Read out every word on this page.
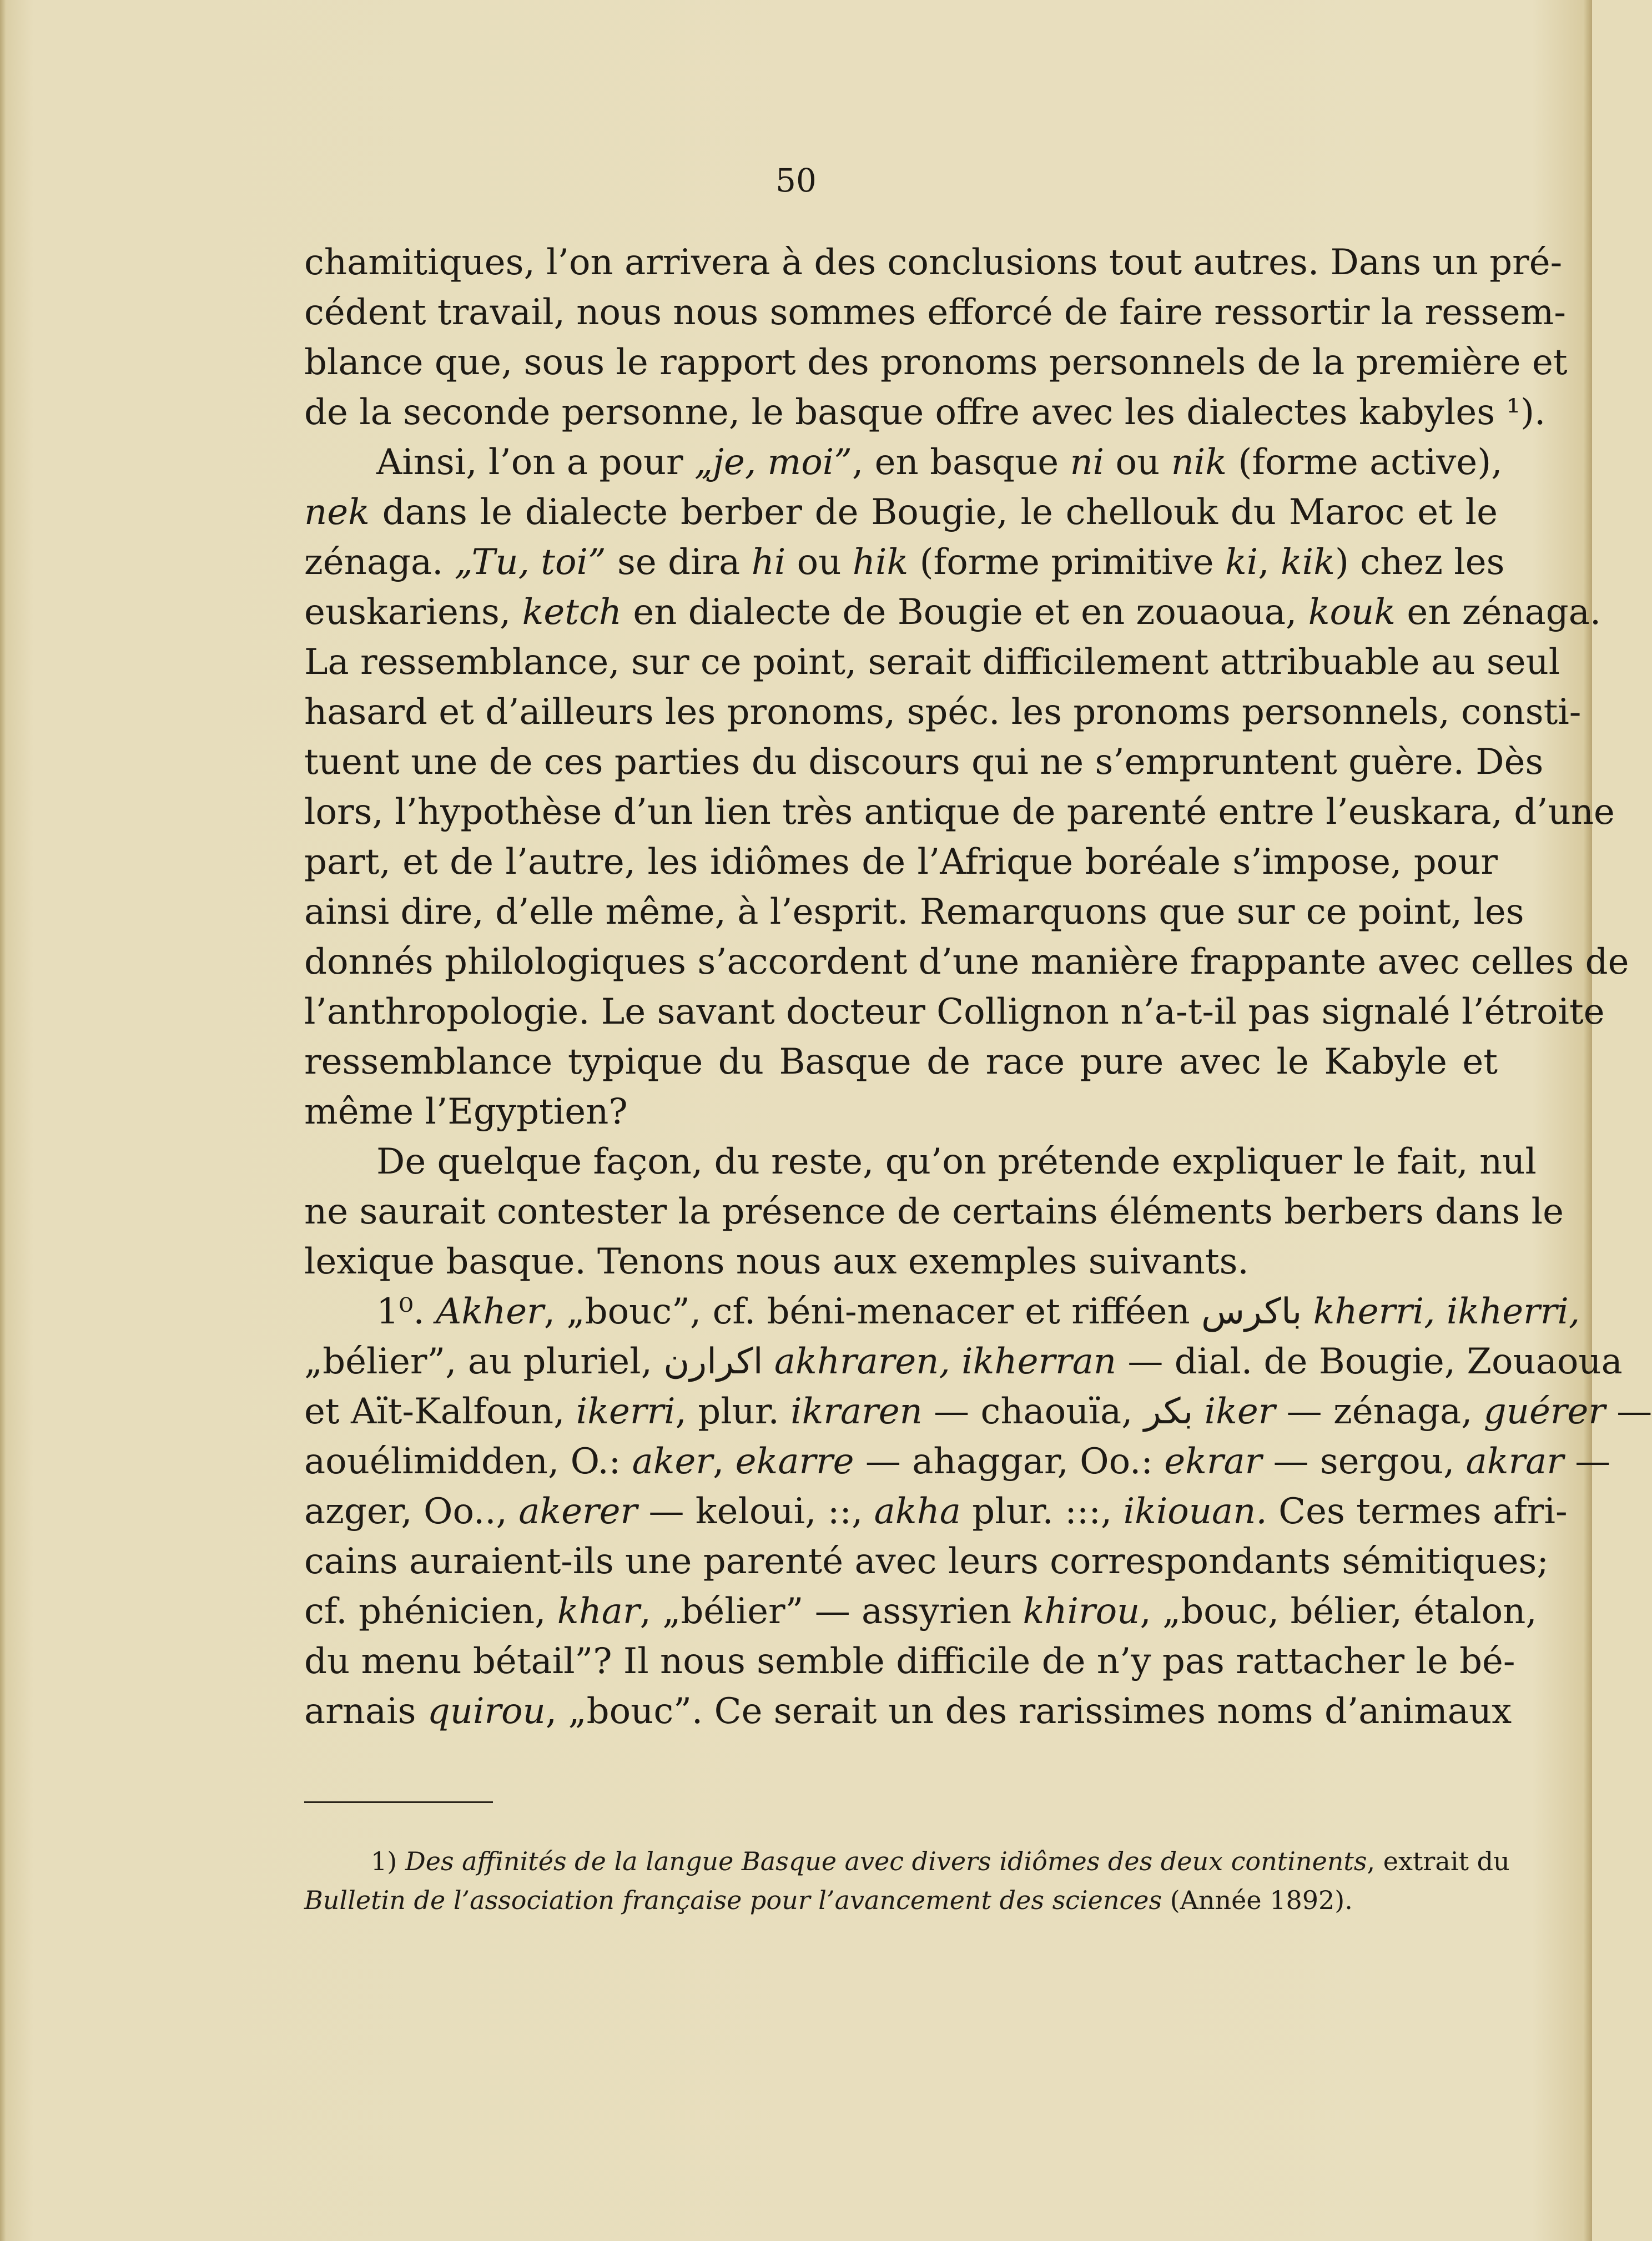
50
chamitiques, l’on arrivera à des conclusions tout autres. Dans un pré-
cédent travail, nous nous sommes efforcé de faire ressortir la ressem-
blance que, sous le rapport des pronoms personnels de la première et
de la seconde personne, le basque offre avec les dialectes kabyles ¹).
Ainsi, l’on a pour „je, moi”, en basque ni ou nik (forme active),
nek dans le dialecte berber de Bougie, le chellouk du Maroc et le
zénaga. „Tu, toi” se dira hi ou hik (forme primitive ki, kik) chez les
euskariens, ketch en dialecte de Bougie et en zouaoua, kouk en zénaga.
La ressemblance, sur ce point, serait difficilement attribuable au seul
hasard et d’ailleurs les pronoms, spéc. les pronoms personnels, consti-
tuent une de ces parties du discours qui ne s’empruntent guère. Dès
lors, l’hypothèse d’un lien très antique de parenté entre l’euskara, d’une
part, et de l’autre, les idiômes de l’Afrique boréale s’impose, pour
ainsi dire, d’elle même, à l’esprit. Remarquons que sur ce point, les
donnés philologiques s’accordent d’une manière frappante avec celles de
l’anthropologie. Le savant docteur Collignon n’a-t-il pas signalé l’étroite
ressemblance typique du Basque de race pure avec le Kabyle et
même l’Egyptien?
De quelque façon, du reste, qu’on prétende expliquer le fait, nul
ne saurait contester la présence de certains éléments berbers dans le
lexique basque. Tenons nous aux exemples suivants.
1⁰. Akher, „bouc”, cf. béni-menacer et rifféen باكرس kherri, ikherri,
„bélier”, au pluriel, اكرارن akhraren, ikherran — dial. de Bougie, Zouaoua
et Aït-Kalfoun, ikerri, plur. ikraren — chaouïa, بكر iker — zénaga, guérer —
aouélimidden, O.: aker, ekarre — ahaggar, Oo.: ekrar — sergou, akrar —
azger, Oo.., akerer — keloui, ::, akha plur. :::, ikiouan. Ces termes afri-
cains auraient-ils une parenté avec leurs correspondants sémitiques;
cf. phénicien, khar, „bélier” — assyrien khirou, „bouc, bélier, étalon,
du menu bétail”? Il nous semble difficile de n’y pas rattacher le bé-
arnais quirou, „bouc”. Ce serait un des rarissimes noms d’animaux
1) Des affinités de la langue Basque avec divers idiômes des deux continents, extrait du
Bulletin de l’association française pour l’avancement des sciences (Année 1892).
